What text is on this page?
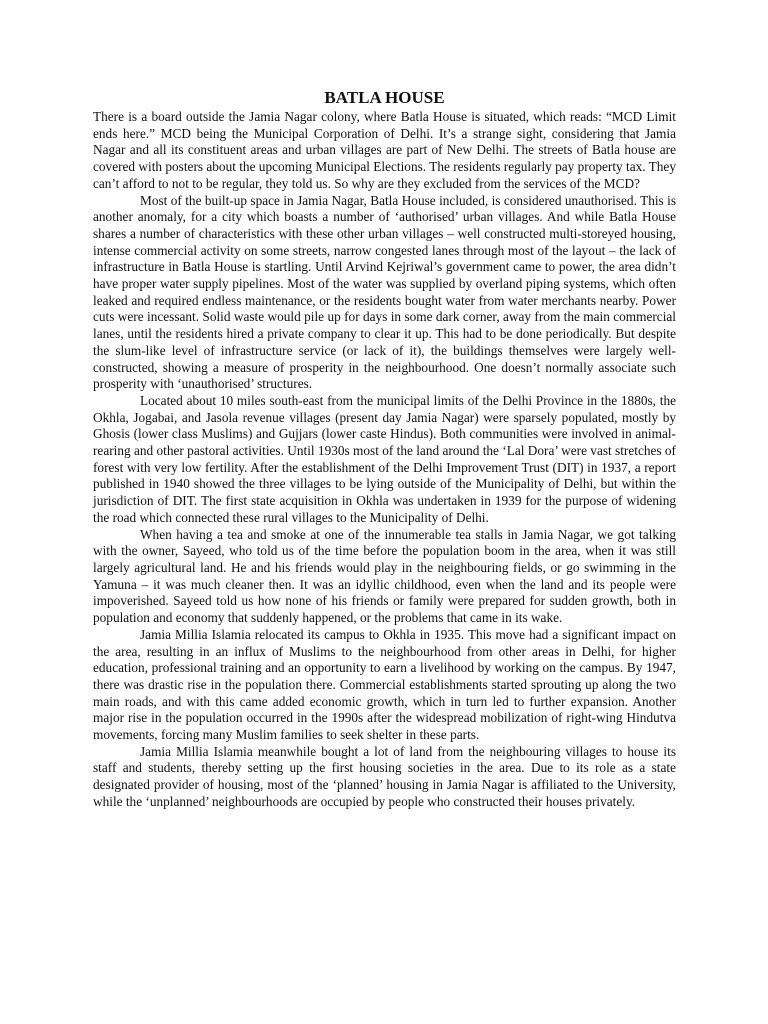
BATLA HOUSE

There is a board outside the Jamia Nagar colony, where Batla House is situated, which reads: “MCD Limit ends here.” MCD being the Municipal Corporation of Delhi. It’s a strange sight, considering that Jamia Nagar and all its constituent areas and urban villages are part of New Delhi. The streets of Batla house are covered with posters about the upcoming Municipal Elections. The residents regularly pay property tax. They can’t afford to not to be regular, they told us. So why are they excluded from the services of the MCD?

Most of the built-up space in Jamia Nagar, Batla House included, is considered unauthorised. This is another anomaly, for a city which boasts a number of ‘authorised’ urban villages. And while Batla House shares a number of characteristics with these other urban villages – well constructed multi-storeyed housing, intense commercial activity on some streets, narrow congested lanes through most of the layout – the lack of infrastructure in Batla House is startling. Until Arvind Kejriwal’s government came to power, the area didn’t have proper water supply pipelines. Most of the water was supplied by overland piping systems, which often leaked and required endless maintenance, or the residents bought water from water merchants nearby. Power cuts were incessant. Solid waste would pile up for days in some dark corner, away from the main commercial lanes, until the residents hired a private company to clear it up. This had to be done periodically. But despite the slum-like level of infrastructure service (or lack of it), the buildings themselves were largely well-constructed, showing a measure of prosperity in the neighbourhood. One doesn’t normally associate such prosperity with ‘unauthorised’ structures.

Located about 10 miles south-east from the municipal limits of the Delhi Province in the 1880s, the Okhla, Jogabai, and Jasola revenue villages (present day Jamia Nagar) were sparsely populated, mostly by Ghosis (lower class Muslims) and Gujjars (lower caste Hindus). Both communities were involved in animal-rearing and other pastoral activities. Until 1930s most of the land around the ‘Lal Dora’ were vast stretches of forest with very low fertility. After the establishment of the Delhi Improvement Trust (DIT) in 1937, a report published in 1940 showed the three villages to be lying outside of the Municipality of Delhi, but within the jurisdiction of DIT. The first state acquisition in Okhla was undertaken in 1939 for the purpose of widening the road which connected these rural villages to the Municipality of Delhi.

When having a tea and smoke at one of the innumerable tea stalls in Jamia Nagar, we got talking with the owner, Sayeed, who told us of the time before the population boom in the area, when it was still largely agricultural land. He and his friends would play in the neighbouring fields, or go swimming in the Yamuna – it was much cleaner then. It was an idyllic childhood, even when the land and its people were impoverished. Sayeed told us how none of his friends or family were prepared for sudden growth, both in population and economy that suddenly happened, or the problems that came in its wake.

Jamia Millia Islamia relocated its campus to Okhla in 1935. This move had a significant impact on the area, resulting in an influx of Muslims to the neighbourhood from other areas in Delhi, for higher education, professional training and an opportunity to earn a livelihood by working on the campus. By 1947, there was drastic rise in the population there. Commercial establishments started sprouting up along the two main roads, and with this came added economic growth, which in turn led to further expansion. Another major rise in the population occurred in the 1990s after the widespread mobilization of right-wing Hindutva movements, forcing many Muslim families to seek shelter in these parts.

Jamia Millia Islamia meanwhile bought a lot of land from the neighbouring villages to house its staff and students, thereby setting up the first housing societies in the area. Due to its role as a state designated provider of housing, most of the ‘planned’ housing in Jamia Nagar is affiliated to the University, while the ‘unplanned’ neighbourhoods are occupied by people who constructed their houses privately.
